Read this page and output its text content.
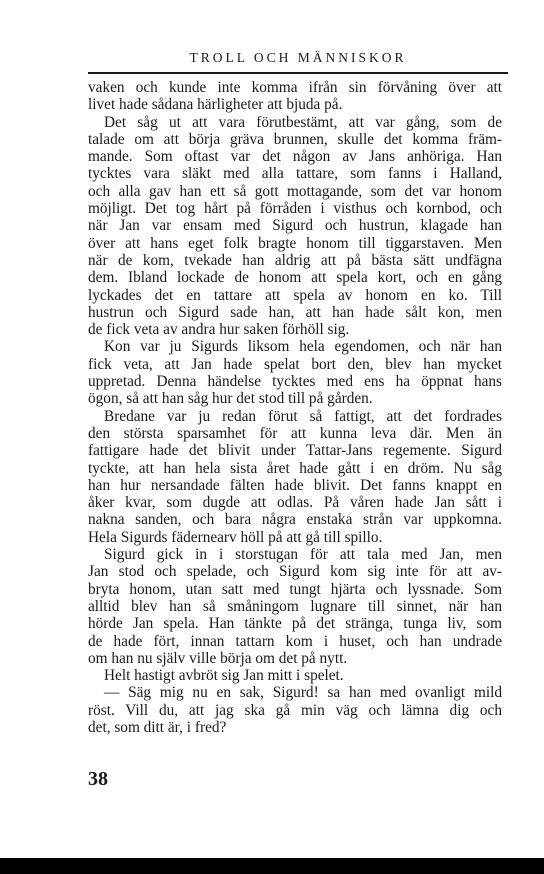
TROLL OCH MÄNNISKOR
vaken och kunde inte komma ifrån sin förvåning över att
livet hade sådana härligheter att bjuda på.
Det såg ut att vara förutbestämt, att var gång, som de
talade om att börja gräva brunnen, skulle det komma främ-
mande. Som oftast var det någon av Jans anhöriga. Han
tycktes vara släkt med alla tattare, som fanns i Halland,
och alla gav han ett så gott mottagande, som det var honom
möjligt. Det tog hårt på förråden i visthus och kornbod, och
när Jan var ensam med Sigurd och hustrun, klagade han
över att hans eget folk bragte honom till tiggarstaven. Men
när de kom, tvekade han aldrig att på bästa sätt undfägna
dem. Ibland lockade de honom att spela kort, och en gång
lyckades det en tattare att spela av honom en ko. Till
hustrun och Sigurd sade han, att han hade sålt kon, men
de fick veta av andra hur saken förhöll sig.
Kon var ju Sigurds liksom hela egendomen, och när han
fick veta, att Jan hade spelat bort den, blev han mycket
uppretad. Denna händelse tycktes med ens ha öppnat hans
ögon, så att han såg hur det stod till på gården.
Bredane var ju redan förut så fattigt, att det fordrades
den största sparsamhet för att kunna leva där. Men än
fattigare hade det blivit under Tattar-Jans regemente. Sigurd
tyckte, att han hela sista året hade gått i en dröm. Nu såg
han hur nersandade fälten hade blivit. Det fanns knappt en
åker kvar, som dugde att odlas. På våren hade Jan sått i
nakna sanden, och bara några enstaka strån var uppkomna.
Hela Sigurds fädernearv höll på att gå till spillo.
Sigurd gick in i storstugan för att tala med Jan, men
Jan stod och spelade, och Sigurd kom sig inte för att av-
bryta honom, utan satt med tungt hjärta och lyssnade. Som
alltid blev han så småningom lugnare till sinnet, när han
hörde Jan spela. Han tänkte på det stränga, tunga liv, som
de hade fört, innan tattarn kom i huset, och han undrade
om han nu själv ville börja om det på nytt.
Helt hastigt avbröt sig Jan mitt i spelet.
— Säg mig nu en sak, Sigurd! sa han med ovanligt mild
röst. Vill du, att jag ska gå min väg och lämna dig och
det, som ditt är, i fred?
38
